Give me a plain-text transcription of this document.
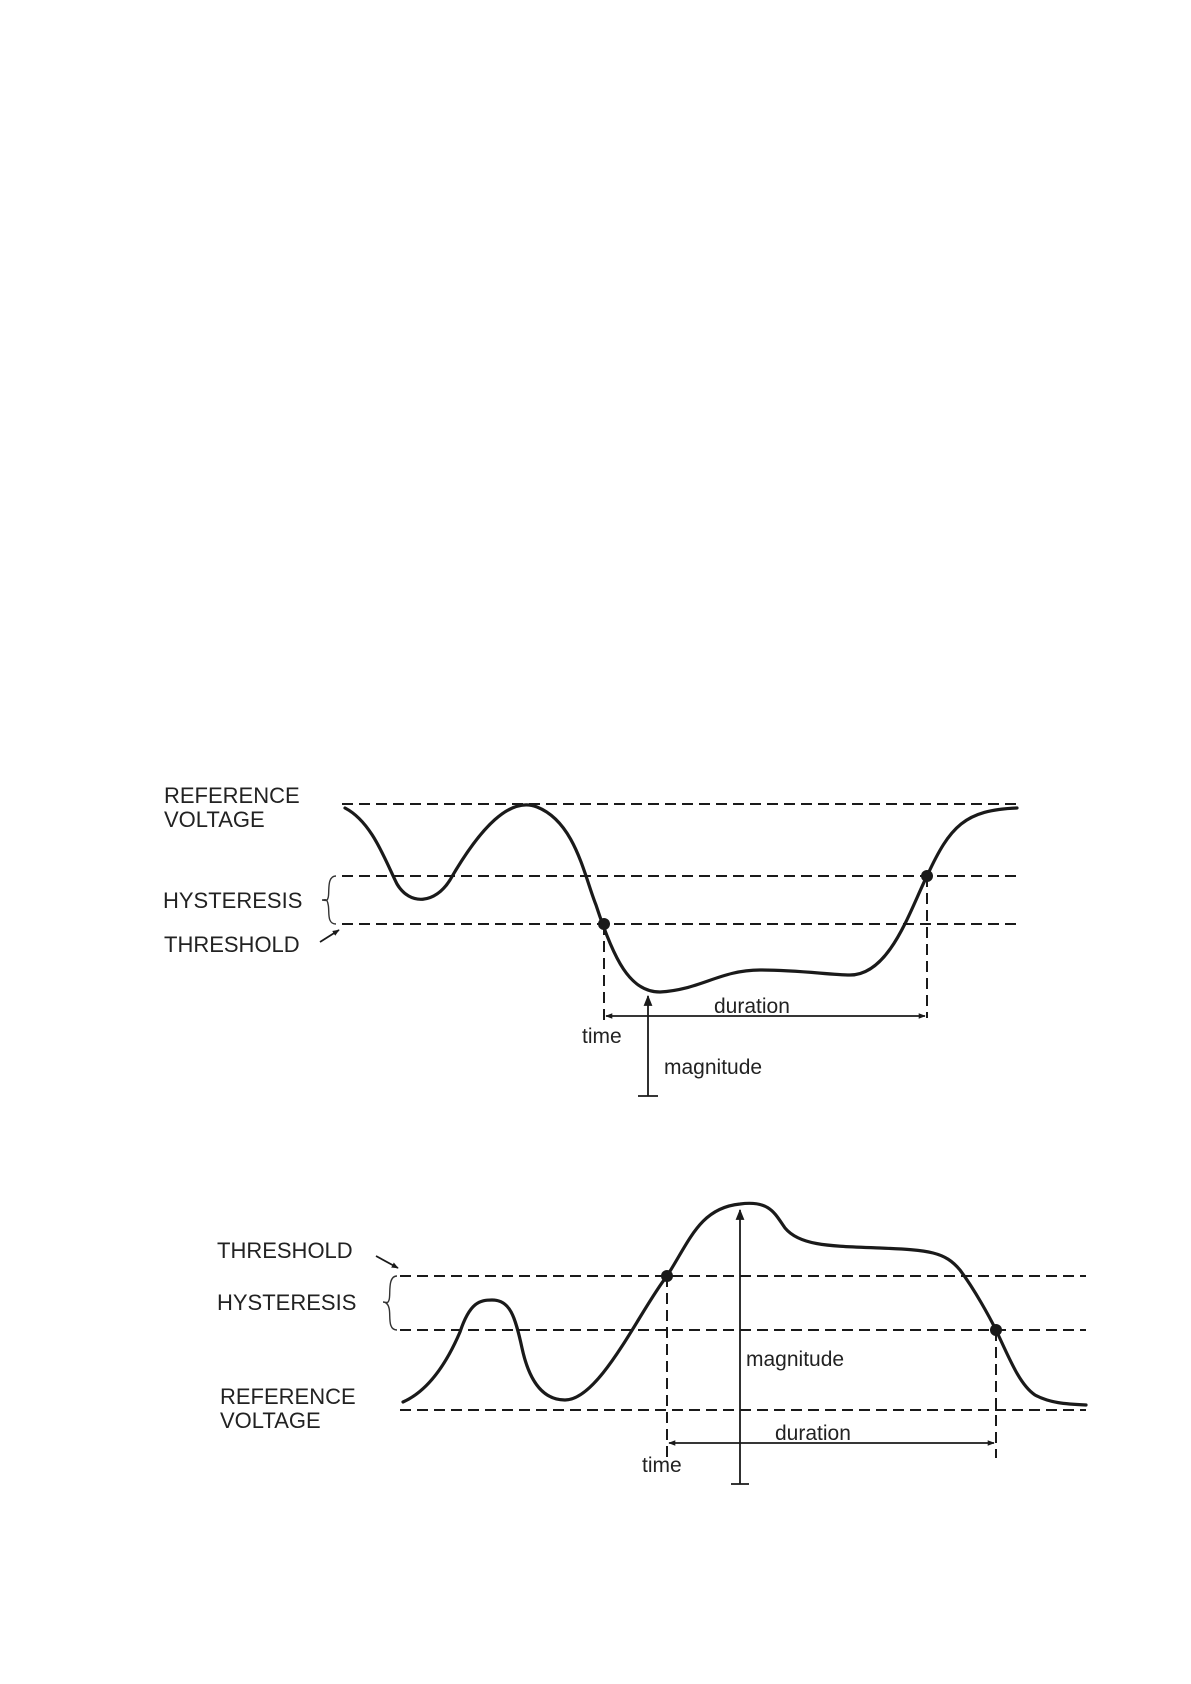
REFERENCE
VOLTAGE
HYSTERESIS
THRESHOLD
duration
time
magnitude
THRESHOLD
HYSTERESIS
REFERENCE
VOLTAGE
magnitude
duration
time
